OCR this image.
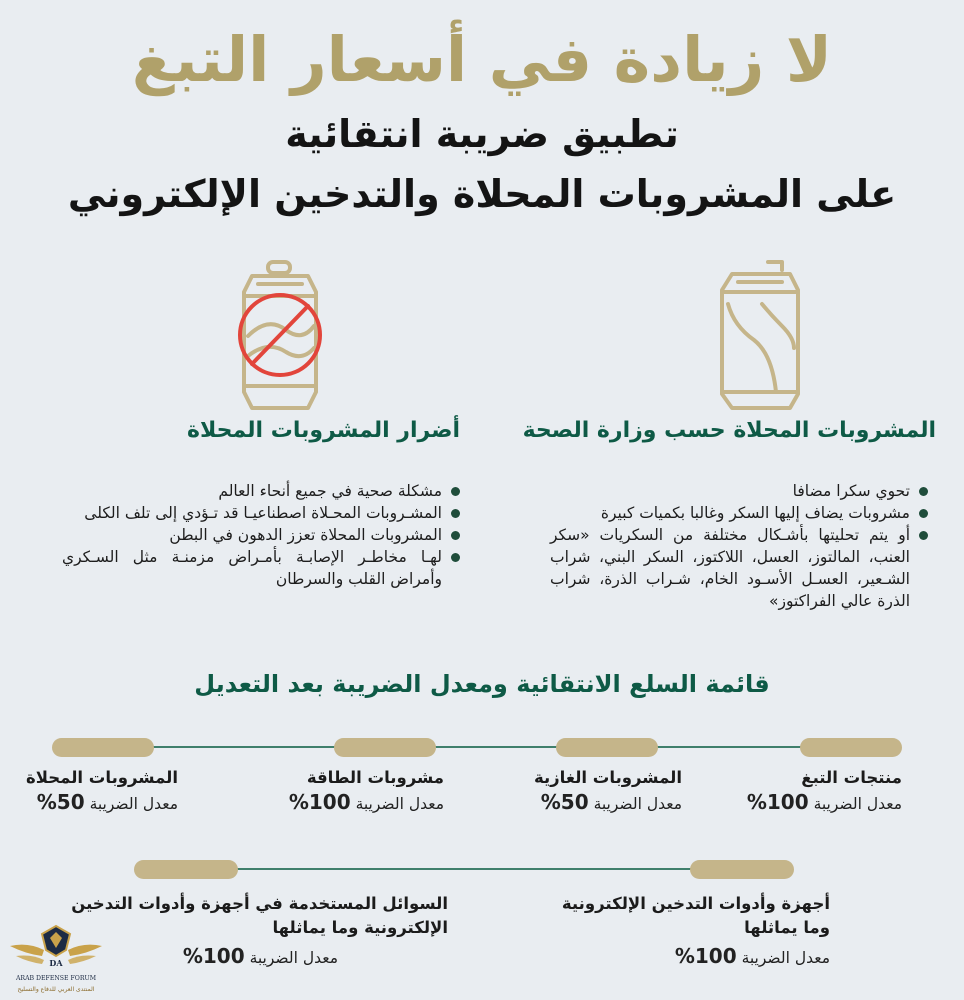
لا زيادة في أسعار التبغ
تطبيق ضريبة انتقائية
على المشروبات المحلاة والتدخين الإلكتروني
المشروبات المحلاة حسب وزارة الصحة
تحوي سكرا مضافا
مشروبات يضاف إليها السكر وغالبا بكميات كبيرة
أو يتم تحليتها بأشـكال مختلفة من السكريات «سكر العنب، المالتوز، العسل، اللاكتوز، السكر البني، شراب الشـعير، العسـل الأسـود الخام، شـراب الذرة، شراب الذرة عالي الفراكتوز»
أضرار المشروبات المحلاة
مشكلة صحية في جميع أنحاء العالم
المشـروبات المحـلاة اصطناعيـا قد تـؤدي إلى تلف الكلى
المشروبات المحلاة تعزز الدهون في البطن
لهـا مخاطـر الإصابـة بأمـراض مزمنـة مثل السـكري وأمراض القلب والسرطان
قائمة السلع الانتقائية ومعدل الضريبة بعد التعديل
منتجات التبغ
معدل الضريبة 100%
المشروبات الغازية
معدل الضريبة 50%
مشروبات الطاقة
معدل الضريبة 100%
المشروبات المحلاة
معدل الضريبة 50%
أجهزة وأدوات التدخين الإلكترونية وما يماثلها
معدل الضريبة 100%
السوائل المستخدمة في أجهزة وأدوات التدخين الإلكترونية وما يماثلها
معدل الضريبة 100%
DA
ARAB DEFENSE FORUM
المنتدى العربي للدفاع والتسليح
